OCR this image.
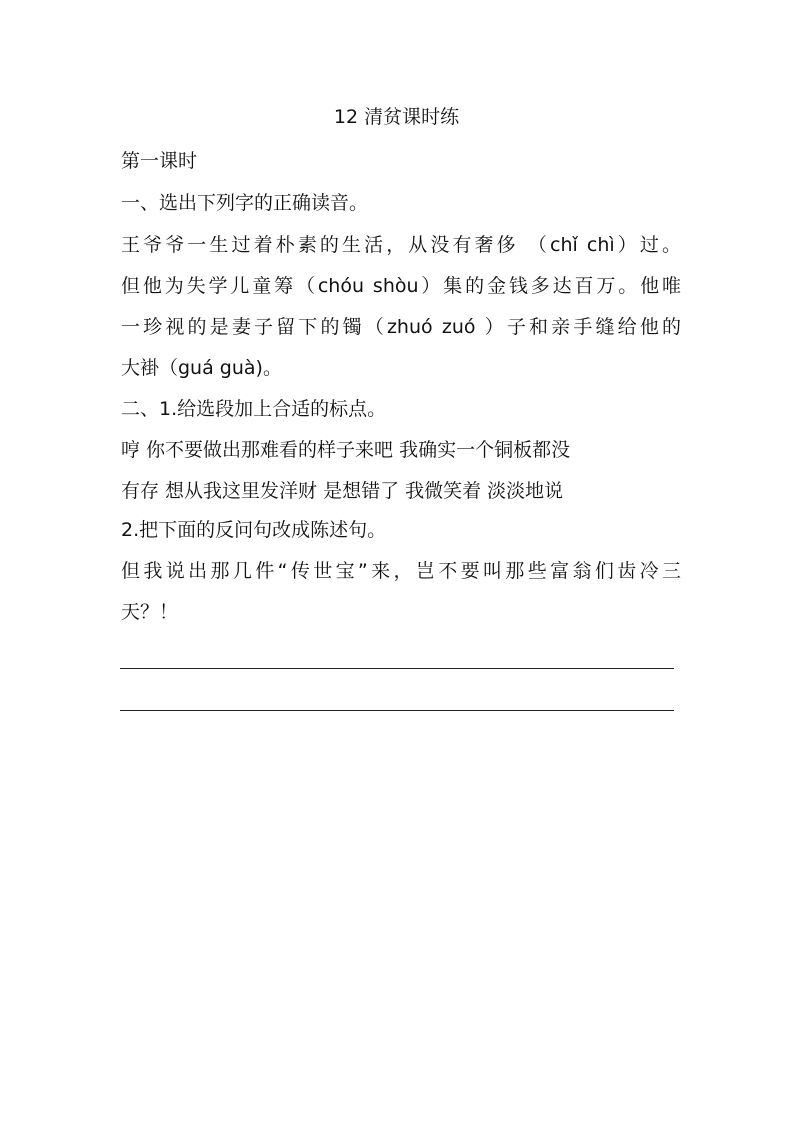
12 清贫课时练
第一课时
一、选出下列字的正确读音。
王爷爷一生过着朴素的生活，从没有奢侈 （chǐ chì）过。
但他为失学儿童筹（chóu shòu）集的金钱多达百万。他唯
一珍视的是妻子留下的镯（zhuó zuó ）子和亲手缝给他的
大褂（guá guà)。
二、1.给选段加上合适的标点。
哼 你不要做出那难看的样子来吧 我确实一个铜板都没
有存 想从我这里发洋财 是想错了 我微笑着 淡淡地说
2.把下面的反问句改成陈述句。
但我说出那几件“传世宝”来，岂不要叫那些富翁们齿冷三
天？！
